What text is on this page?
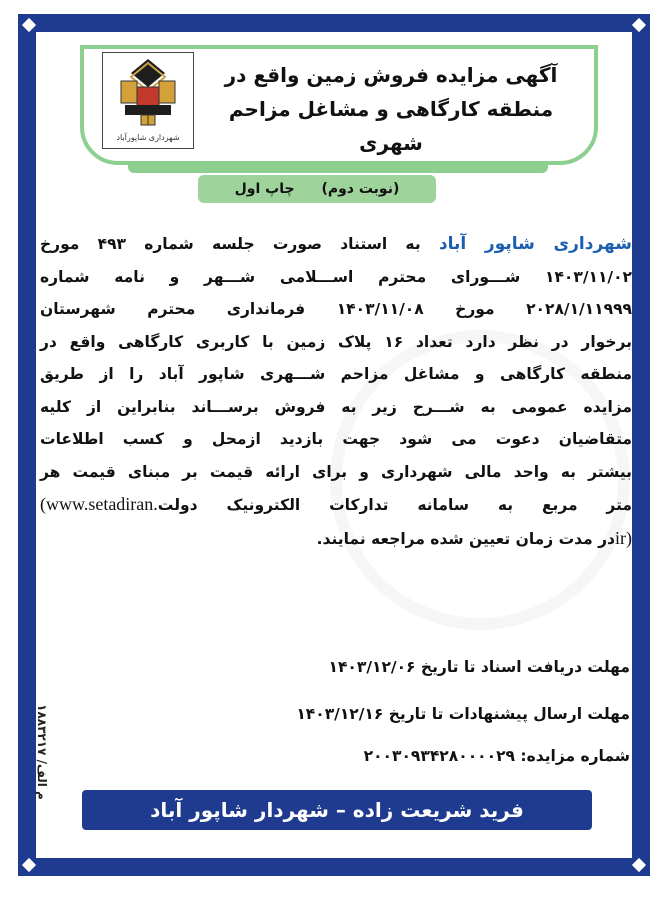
شهرداری شاپورآباد
آگهی مزایده فروش زمین واقع در
منطقه کارگاهی و مشاغل مزاحم شهری
(نوبت دوم) چاپ اول
شهرداری شاپور آباد به استناد صورت جلسه شماره ۴۹۳ مورخ
۱۴۰۳/۱۱/۰۲ شـــورای محترم اســـلامی شـــهر و نامه شماره
۲۰۲۸/۱/۱۱۹۹۹ مورخ ۱۴۰۳/۱۱/۰۸ فرمانداری محترم شهرستان
برخوار در نظر دارد تعداد ۱۶ پلاک زمین با کاربری کارگاهی واقع در
منطقه کارگاهی و مشاغل مزاحم شـــهری شاپور آباد را از طریق
مزایده عمومی به شـــرح زیر به فروش برســـاند بنابراین از کلیه
متقاضیان دعوت می شود جهت بازدید ازمحل و کسب اطلاعات
بیشتر به واحد مالی شهرداری و برای ارائه قیمت بر مبنای قیمت هر
متر مربع به سامانه تدارکات الکترونیک دولت(www.setadiran.
ir)در مدت زمان تعیین شده مراجعه نمایند.
مهلت دریافت اسناد تا تاریخ ۱۴۰۳/۱۲/۰۶
مهلت ارسال پیشنهادات تا تاریخ ۱۴۰۳/۱۲/۱۶
شماره مزایده: ۲۰۰۳۰۹۳۴۲۸۰۰۰۰۲۹
م الف/ ۱۸۸۳۲۱۷
فرید شریعت زاده – شهردار شاپور آباد
